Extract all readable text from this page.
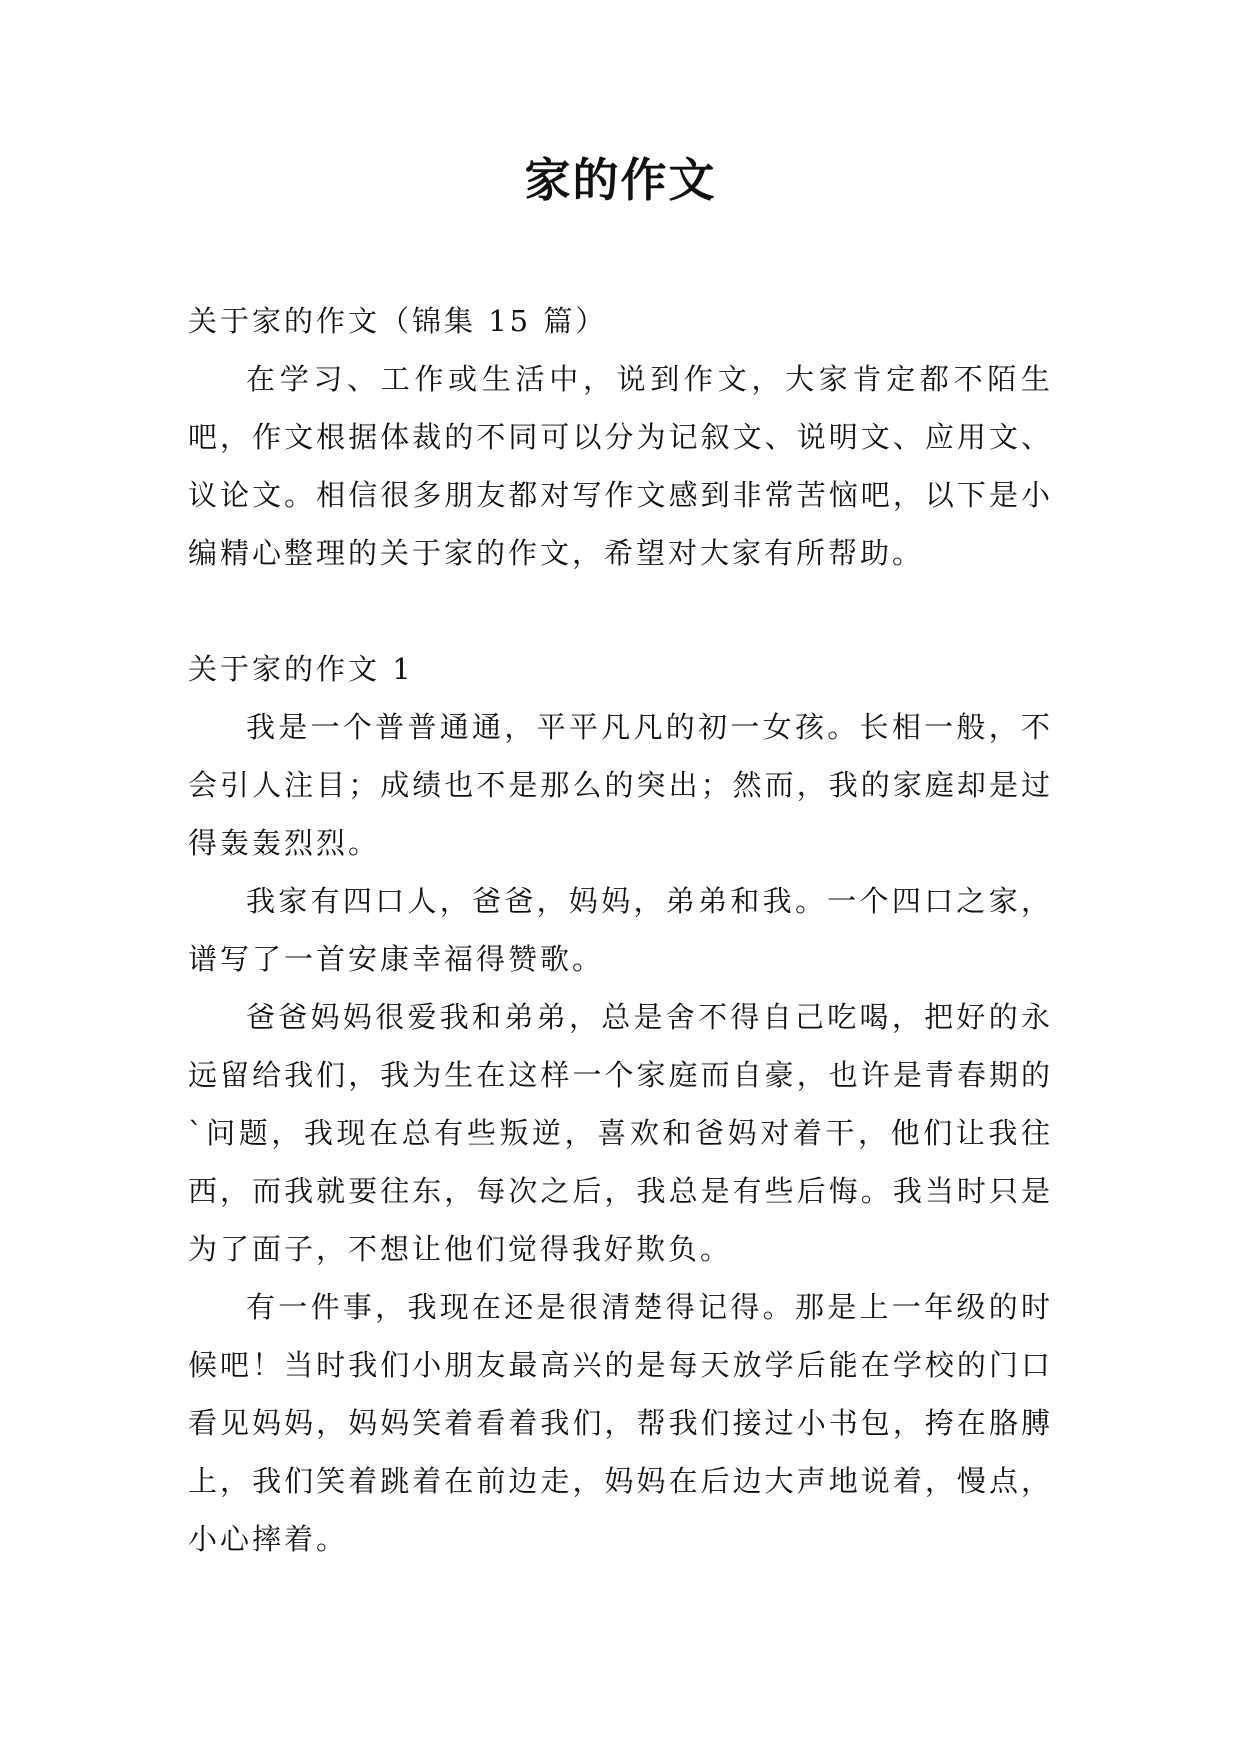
家的作文

关于家的作文（锦集 15 篇）

在学习、工作或生活中，说到作文，大家肯定都不陌生吧，作文根据体裁的不同可以分为记叙文、说明文、应用文、议论文。相信很多朋友都对写作文感到非常苦恼吧，以下是小编精心整理的关于家的作文，希望对大家有所帮助。

关于家的作文 1

我是一个普普通通，平平凡凡的初一女孩。长相一般，不会引人注目；成绩也不是那么的突出；然而，我的家庭却是过得轰轰烈烈。

我家有四口人，爸爸，妈妈，弟弟和我。一个四口之家，谱写了一首安康幸福得赞歌。

爸爸妈妈很爱我和弟弟，总是舍不得自己吃喝，把好的永远留给我们，我为生在这样一个家庭而自豪，也许是青春期的`问题，我现在总有些叛逆，喜欢和爸妈对着干，他们让我往西，而我就要往东，每次之后，我总是有些后悔。我当时只是为了面子，不想让他们觉得我好欺负。

有一件事，我现在还是很清楚得记得。那是上一年级的时候吧！当时我们小朋友最高兴的是每天放学后能在学校的门口看见妈妈，妈妈笑着看着我们，帮我们接过小书包，挎在胳膊上，我们笑着跳着在前边走，妈妈在后边大声地说着，慢点，小心摔着。
